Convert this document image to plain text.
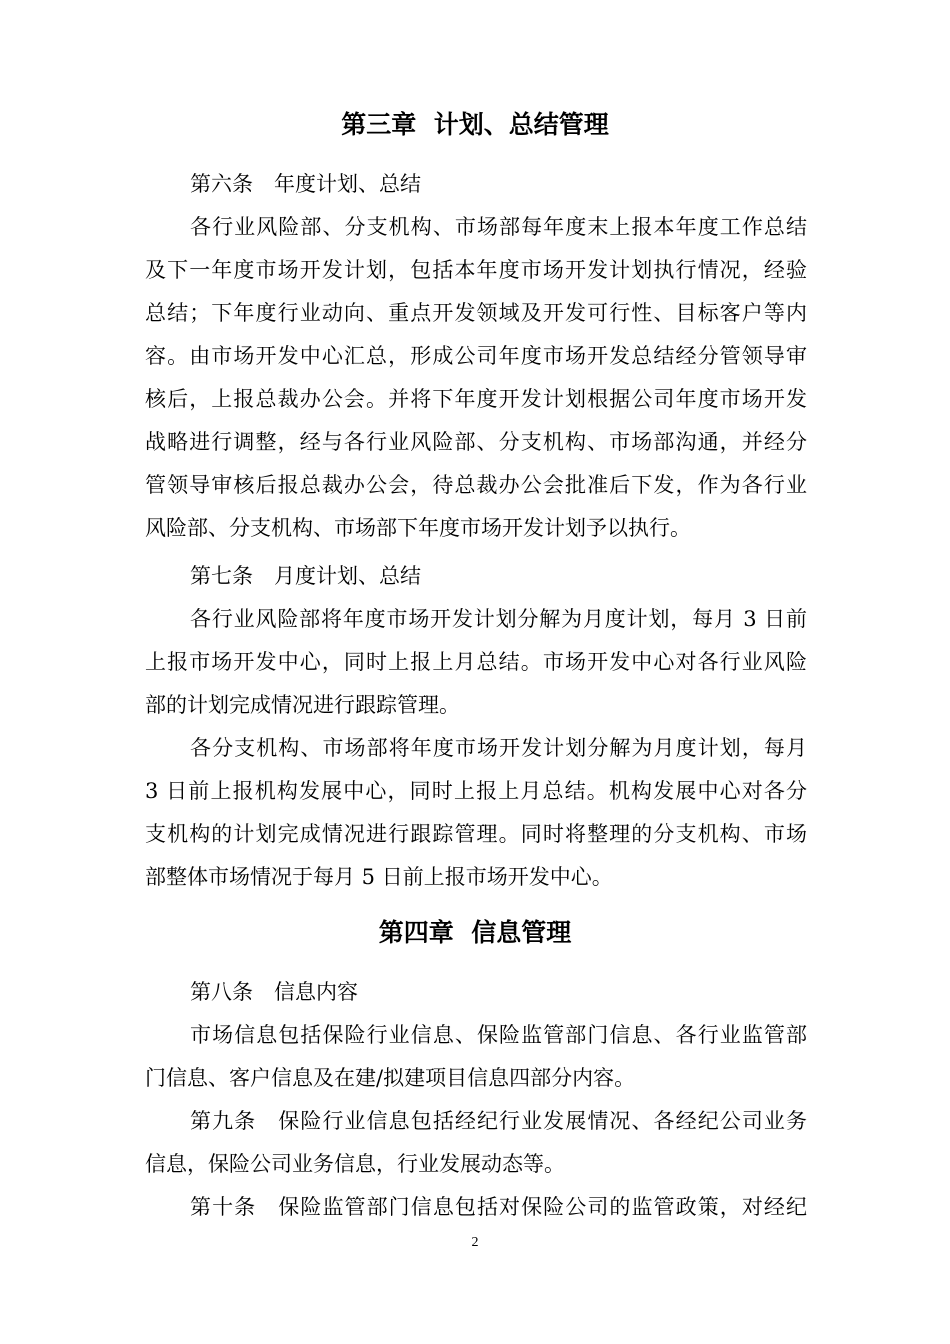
第三章  计划、总结管理
第六条　年度计划、总结
各行业风险部、分支机构、市场部每年度末上报本年度工作总结
及下一年度市场开发计划，包括本年度市场开发计划执行情况，经验
总结；下年度行业动向、重点开发领域及开发可行性、目标客户等内
容。由市场开发中心汇总，形成公司年度市场开发总结经分管领导审
核后，上报总裁办公会。并将下年度开发计划根据公司年度市场开发
战略进行调整，经与各行业风险部、分支机构、市场部沟通，并经分
管领导审核后报总裁办公会，待总裁办公会批准后下发，作为各行业
风险部、分支机构、市场部下年度市场开发计划予以执行。
第七条　月度计划、总结
各行业风险部将年度市场开发计划分解为月度计划，每月 3 日前
上报市场开发中心，同时上报上月总结。市场开发中心对各行业风险
部的计划完成情况进行跟踪管理。
各分支机构、市场部将年度市场开发计划分解为月度计划，每月
3 日前上报机构发展中心，同时上报上月总结。机构发展中心对各分
支机构的计划完成情况进行跟踪管理。同时将整理的分支机构、市场
部整体市场情况于每月 5 日前上报市场开发中心。
第四章  信息管理
第八条　信息内容
市场信息包括保险行业信息、保险监管部门信息、各行业监管部
门信息、客户信息及在建/拟建项目信息四部分内容。
第九条　保险行业信息包括经纪行业发展情况、各经纪公司业务
信息，保险公司业务信息，行业发展动态等。
第十条　保险监管部门信息包括对保险公司的监管政策，对经纪
2
